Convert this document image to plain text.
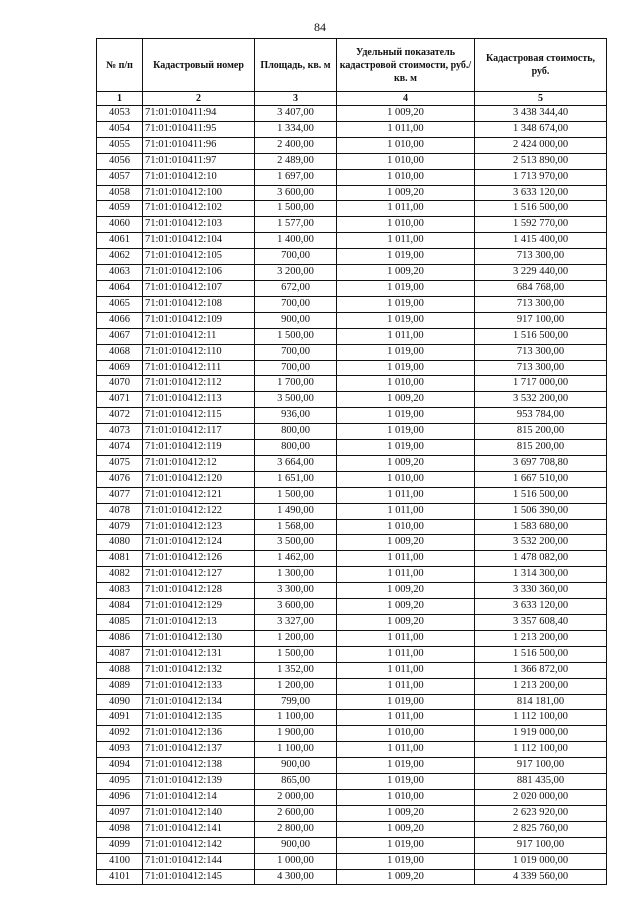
84
№ п/п	Кадастровый номер	Площадь, кв. м	Удельный показатель кадастровой стоимости, руб./кв. м	Кадастровая стоимость, руб.
1	2	3	4	5
4053	71:01:010411:94	3 407,00	1 009,20	3 438 344,40
4054	71:01:010411:95	1 334,00	1 011,00	1 348 674,00
4055	71:01:010411:96	2 400,00	1 010,00	2 424 000,00
4056	71:01:010411:97	2 489,00	1 010,00	2 513 890,00
4057	71:01:010412:10	1 697,00	1 010,00	1 713 970,00
4058	71:01:010412:100	3 600,00	1 009,20	3 633 120,00
4059	71:01:010412:102	1 500,00	1 011,00	1 516 500,00
4060	71:01:010412:103	1 577,00	1 010,00	1 592 770,00
4061	71:01:010412:104	1 400,00	1 011,00	1 415 400,00
4062	71:01:010412:105	700,00	1 019,00	713 300,00
4063	71:01:010412:106	3 200,00	1 009,20	3 229 440,00
4064	71:01:010412:107	672,00	1 019,00	684 768,00
4065	71:01:010412:108	700,00	1 019,00	713 300,00
4066	71:01:010412:109	900,00	1 019,00	917 100,00
4067	71:01:010412:11	1 500,00	1 011,00	1 516 500,00
4068	71:01:010412:110	700,00	1 019,00	713 300,00
4069	71:01:010412:111	700,00	1 019,00	713 300,00
4070	71:01:010412:112	1 700,00	1 010,00	1 717 000,00
4071	71:01:010412:113	3 500,00	1 009,20	3 532 200,00
4072	71:01:010412:115	936,00	1 019,00	953 784,00
4073	71:01:010412:117	800,00	1 019,00	815 200,00
4074	71:01:010412:119	800,00	1 019,00	815 200,00
4075	71:01:010412:12	3 664,00	1 009,20	3 697 708,80
4076	71:01:010412:120	1 651,00	1 010,00	1 667 510,00
4077	71:01:010412:121	1 500,00	1 011,00	1 516 500,00
4078	71:01:010412:122	1 490,00	1 011,00	1 506 390,00
4079	71:01:010412:123	1 568,00	1 010,00	1 583 680,00
4080	71:01:010412:124	3 500,00	1 009,20	3 532 200,00
4081	71:01:010412:126	1 462,00	1 011,00	1 478 082,00
4082	71:01:010412:127	1 300,00	1 011,00	1 314 300,00
4083	71:01:010412:128	3 300,00	1 009,20	3 330 360,00
4084	71:01:010412:129	3 600,00	1 009,20	3 633 120,00
4085	71:01:010412:13	3 327,00	1 009,20	3 357 608,40
4086	71:01:010412:130	1 200,00	1 011,00	1 213 200,00
4087	71:01:010412:131	1 500,00	1 011,00	1 516 500,00
4088	71:01:010412:132	1 352,00	1 011,00	1 366 872,00
4089	71:01:010412:133	1 200,00	1 011,00	1 213 200,00
4090	71:01:010412:134	799,00	1 019,00	814 181,00
4091	71:01:010412:135	1 100,00	1 011,00	1 112 100,00
4092	71:01:010412:136	1 900,00	1 010,00	1 919 000,00
4093	71:01:010412:137	1 100,00	1 011,00	1 112 100,00
4094	71:01:010412:138	900,00	1 019,00	917 100,00
4095	71:01:010412:139	865,00	1 019,00	881 435,00
4096	71:01:010412:14	2 000,00	1 010,00	2 020 000,00
4097	71:01:010412:140	2 600,00	1 009,20	2 623 920,00
4098	71:01:010412:141	2 800,00	1 009,20	2 825 760,00
4099	71:01:010412:142	900,00	1 019,00	917 100,00
4100	71:01:010412:144	1 000,00	1 019,00	1 019 000,00
4101	71:01:010412:145	4 300,00	1 009,20	4 339 560,00
